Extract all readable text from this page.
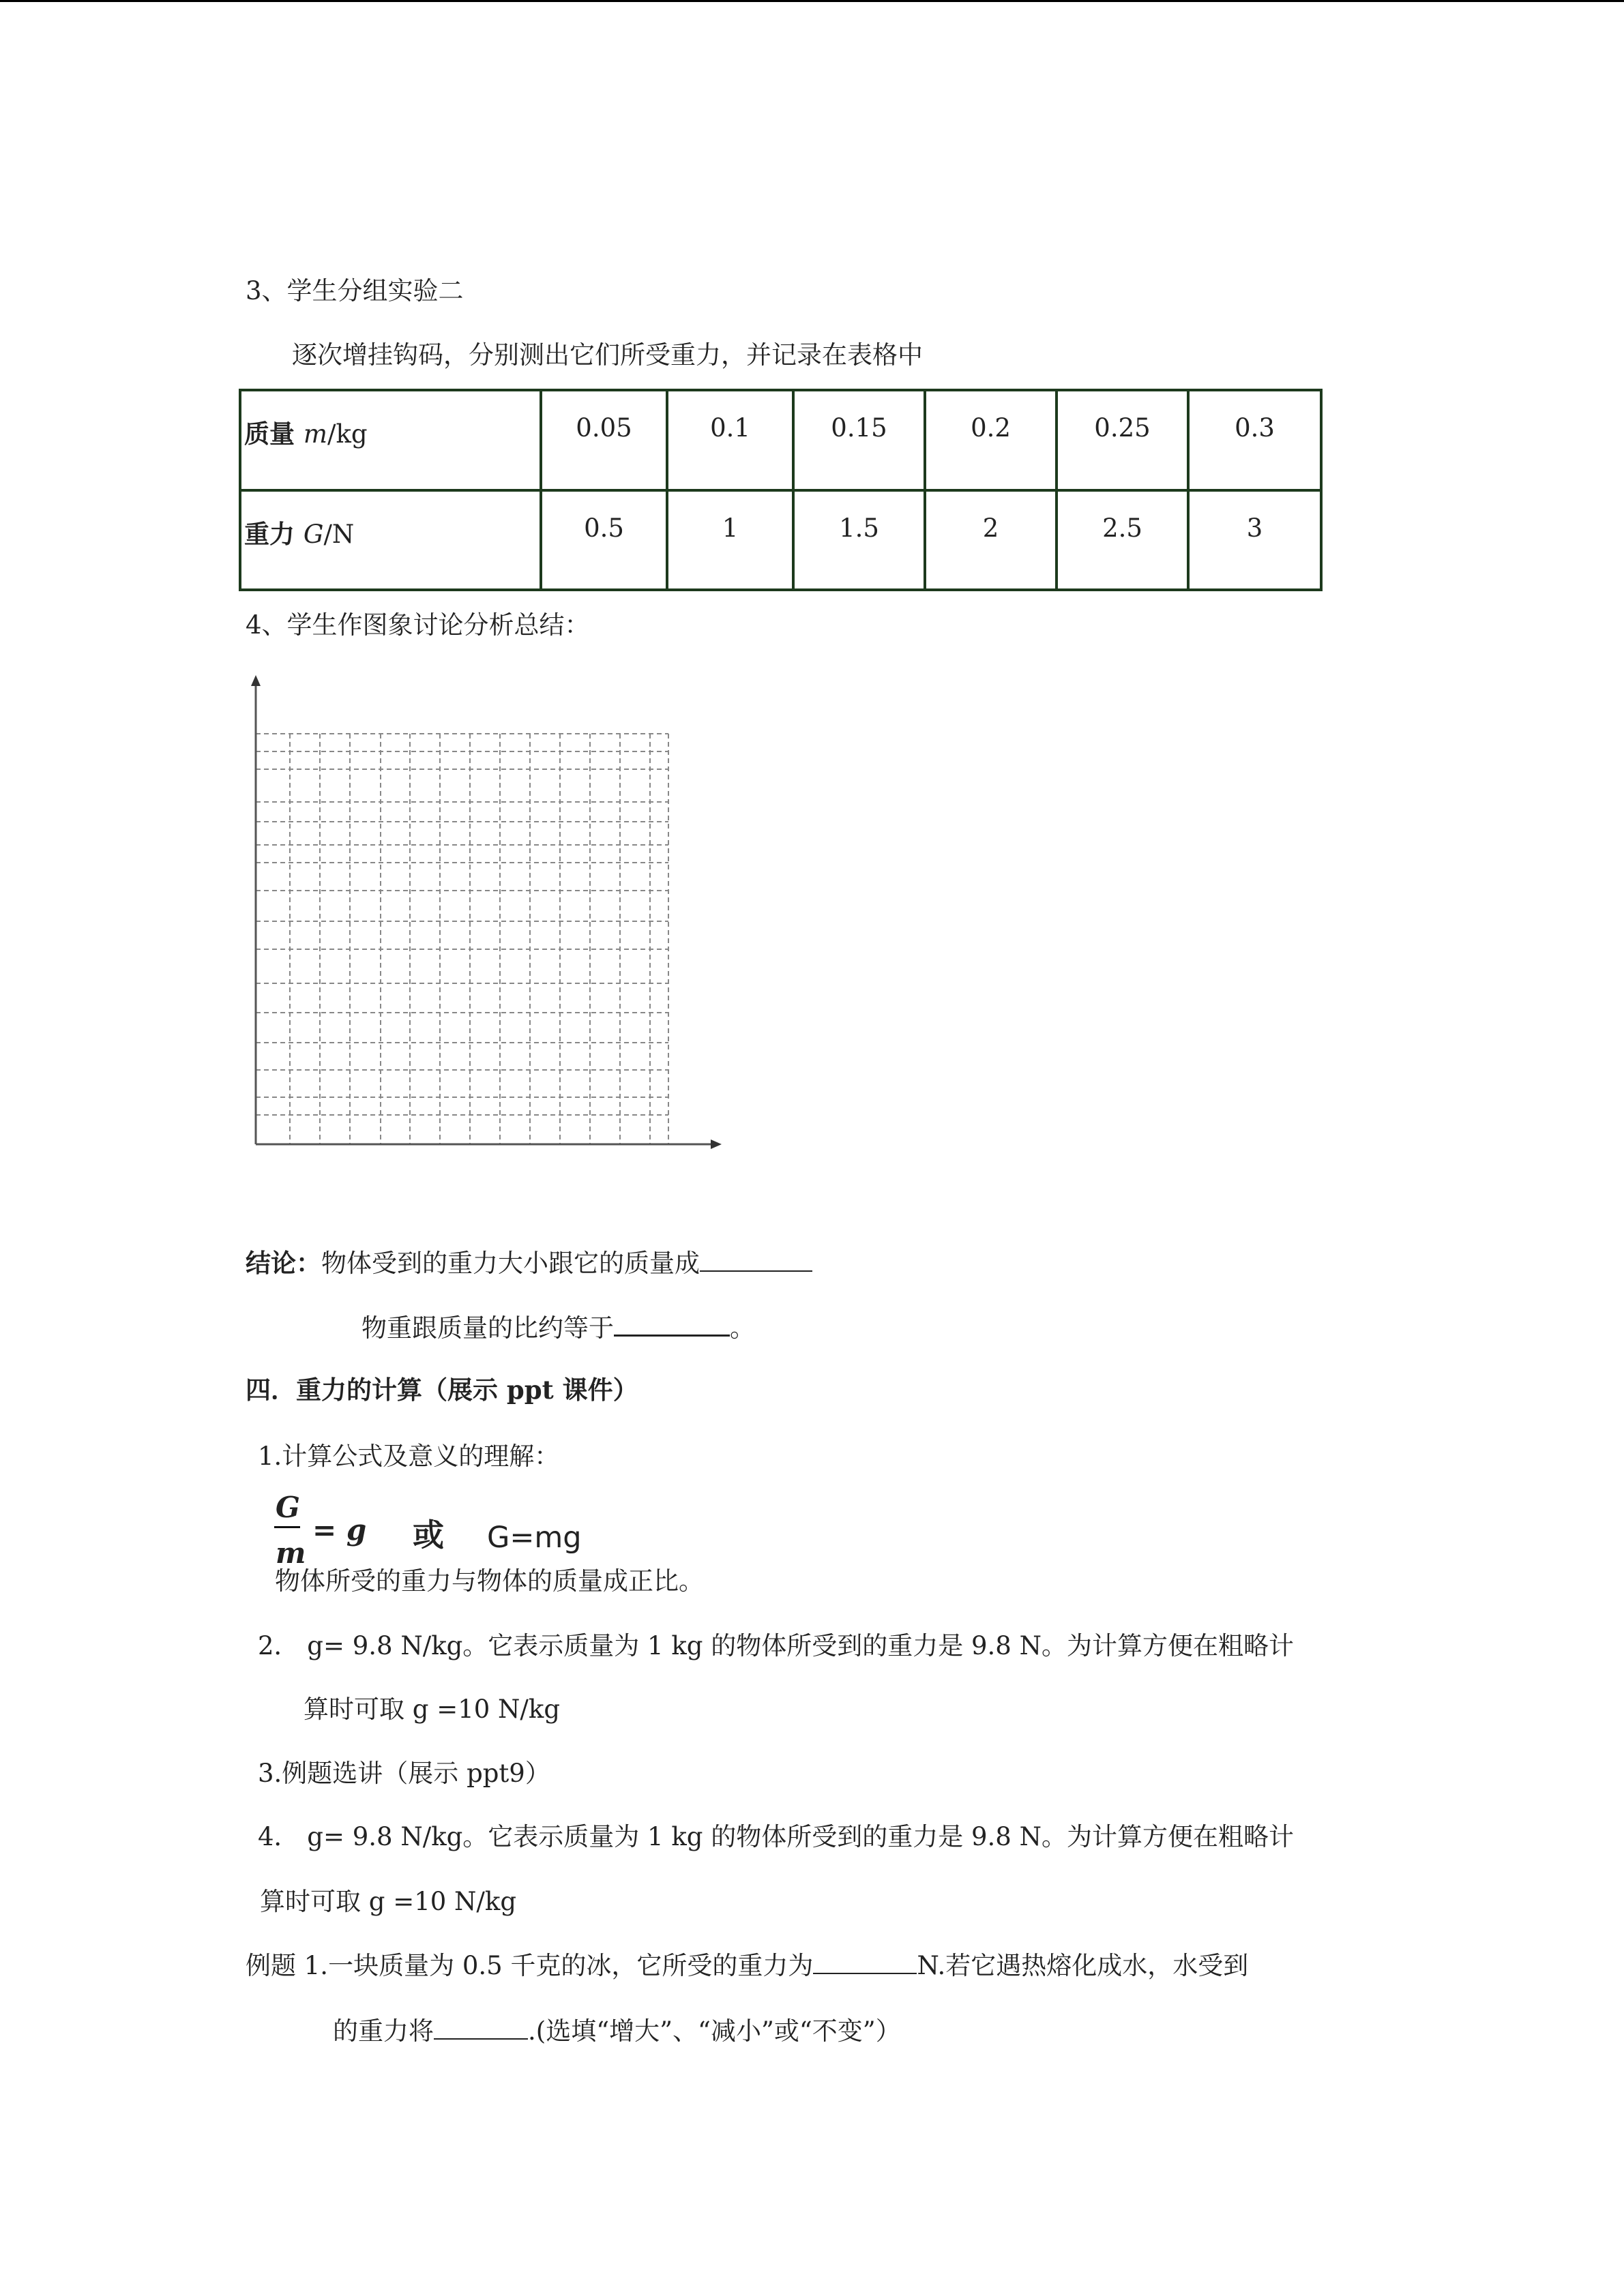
3、学生分组实验二
逐次增挂钩码，分别测出它们所受重力，并记录在表格中
质量 m/kg	0.05	0.1	0.15	0.2	0.25	0.3

重力 G/N	0.5	1	1.5	2	2.5	3
4、学生作图象讨论分析总结：
结论：物体受到的重力大小跟它的质量成
物重跟质量的比约等于	。
四．重力的计算（展示 ppt 课件）
1.计算公式及意义的理解：
G
m
= g 或 G=mg
物体所受的重力与物体的质量成正比。
2． g= 9.8 N/kg。它表示质量为 1 kg 的物体所受到的重力是 9.8 N。为计算方便在粗略计
算时可取 g =10 N/kg
3.例题选讲（展示 ppt9）
4． g= 9.8 N/kg。它表示质量为 1 kg 的物体所受到的重力是 9.8 N。为计算方便在粗略计
算时可取 g =10 N/kg
例题 1.一块质量为 0.5 千克的冰，它所受的重力为	N.若它遇热熔化成水，水受到
的重力将	.(选填“增大”、“减小”或“不变”）
